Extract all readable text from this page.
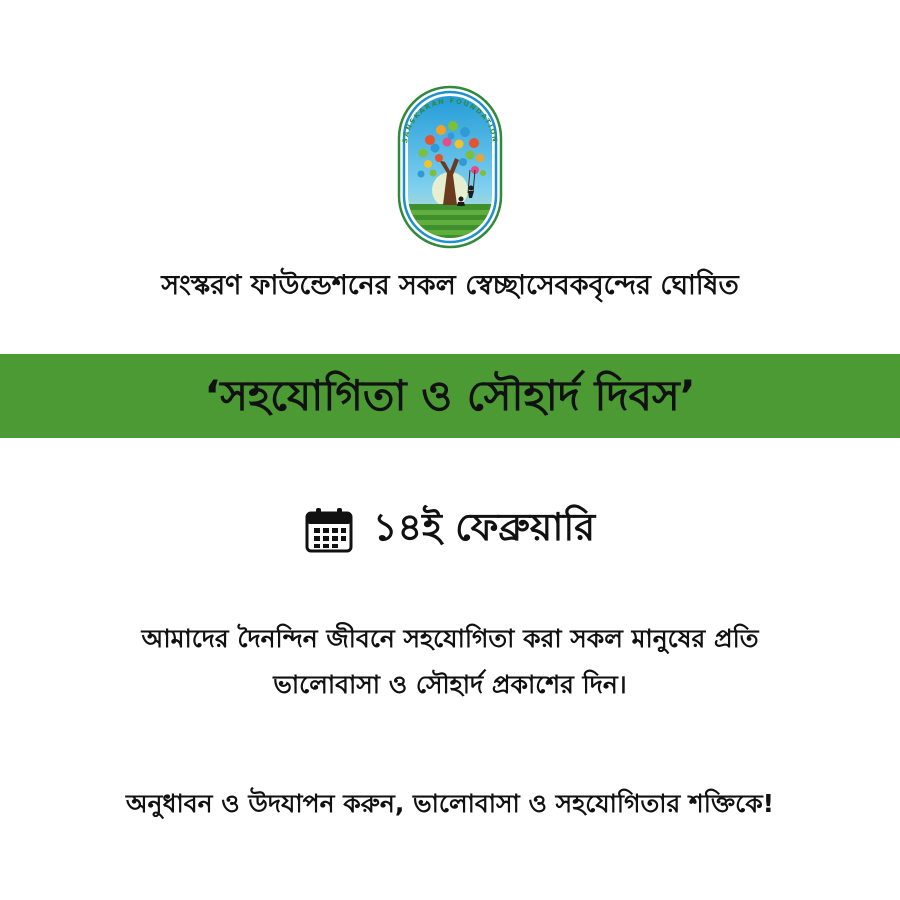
SANSKARAN FOUNDATION
সংস্করণ ফাউন্ডেশনের সকল স্বেচ্ছাসেবকবৃন্দের ঘোষিত
‘সহযোগিতা ও সৌহার্দ দিবস’
১৪ই ফেব্রুয়ারি
আমাদের দৈনন্দিন জীবনে সহযোগিতা করা সকল মানুষের প্রতি
ভালোবাসা ও সৌহার্দ প্রকাশের দিন।
অনুধাবন ও উদযাপন করুন, ভালোবাসা ও সহযোগিতার শক্তিকে!
